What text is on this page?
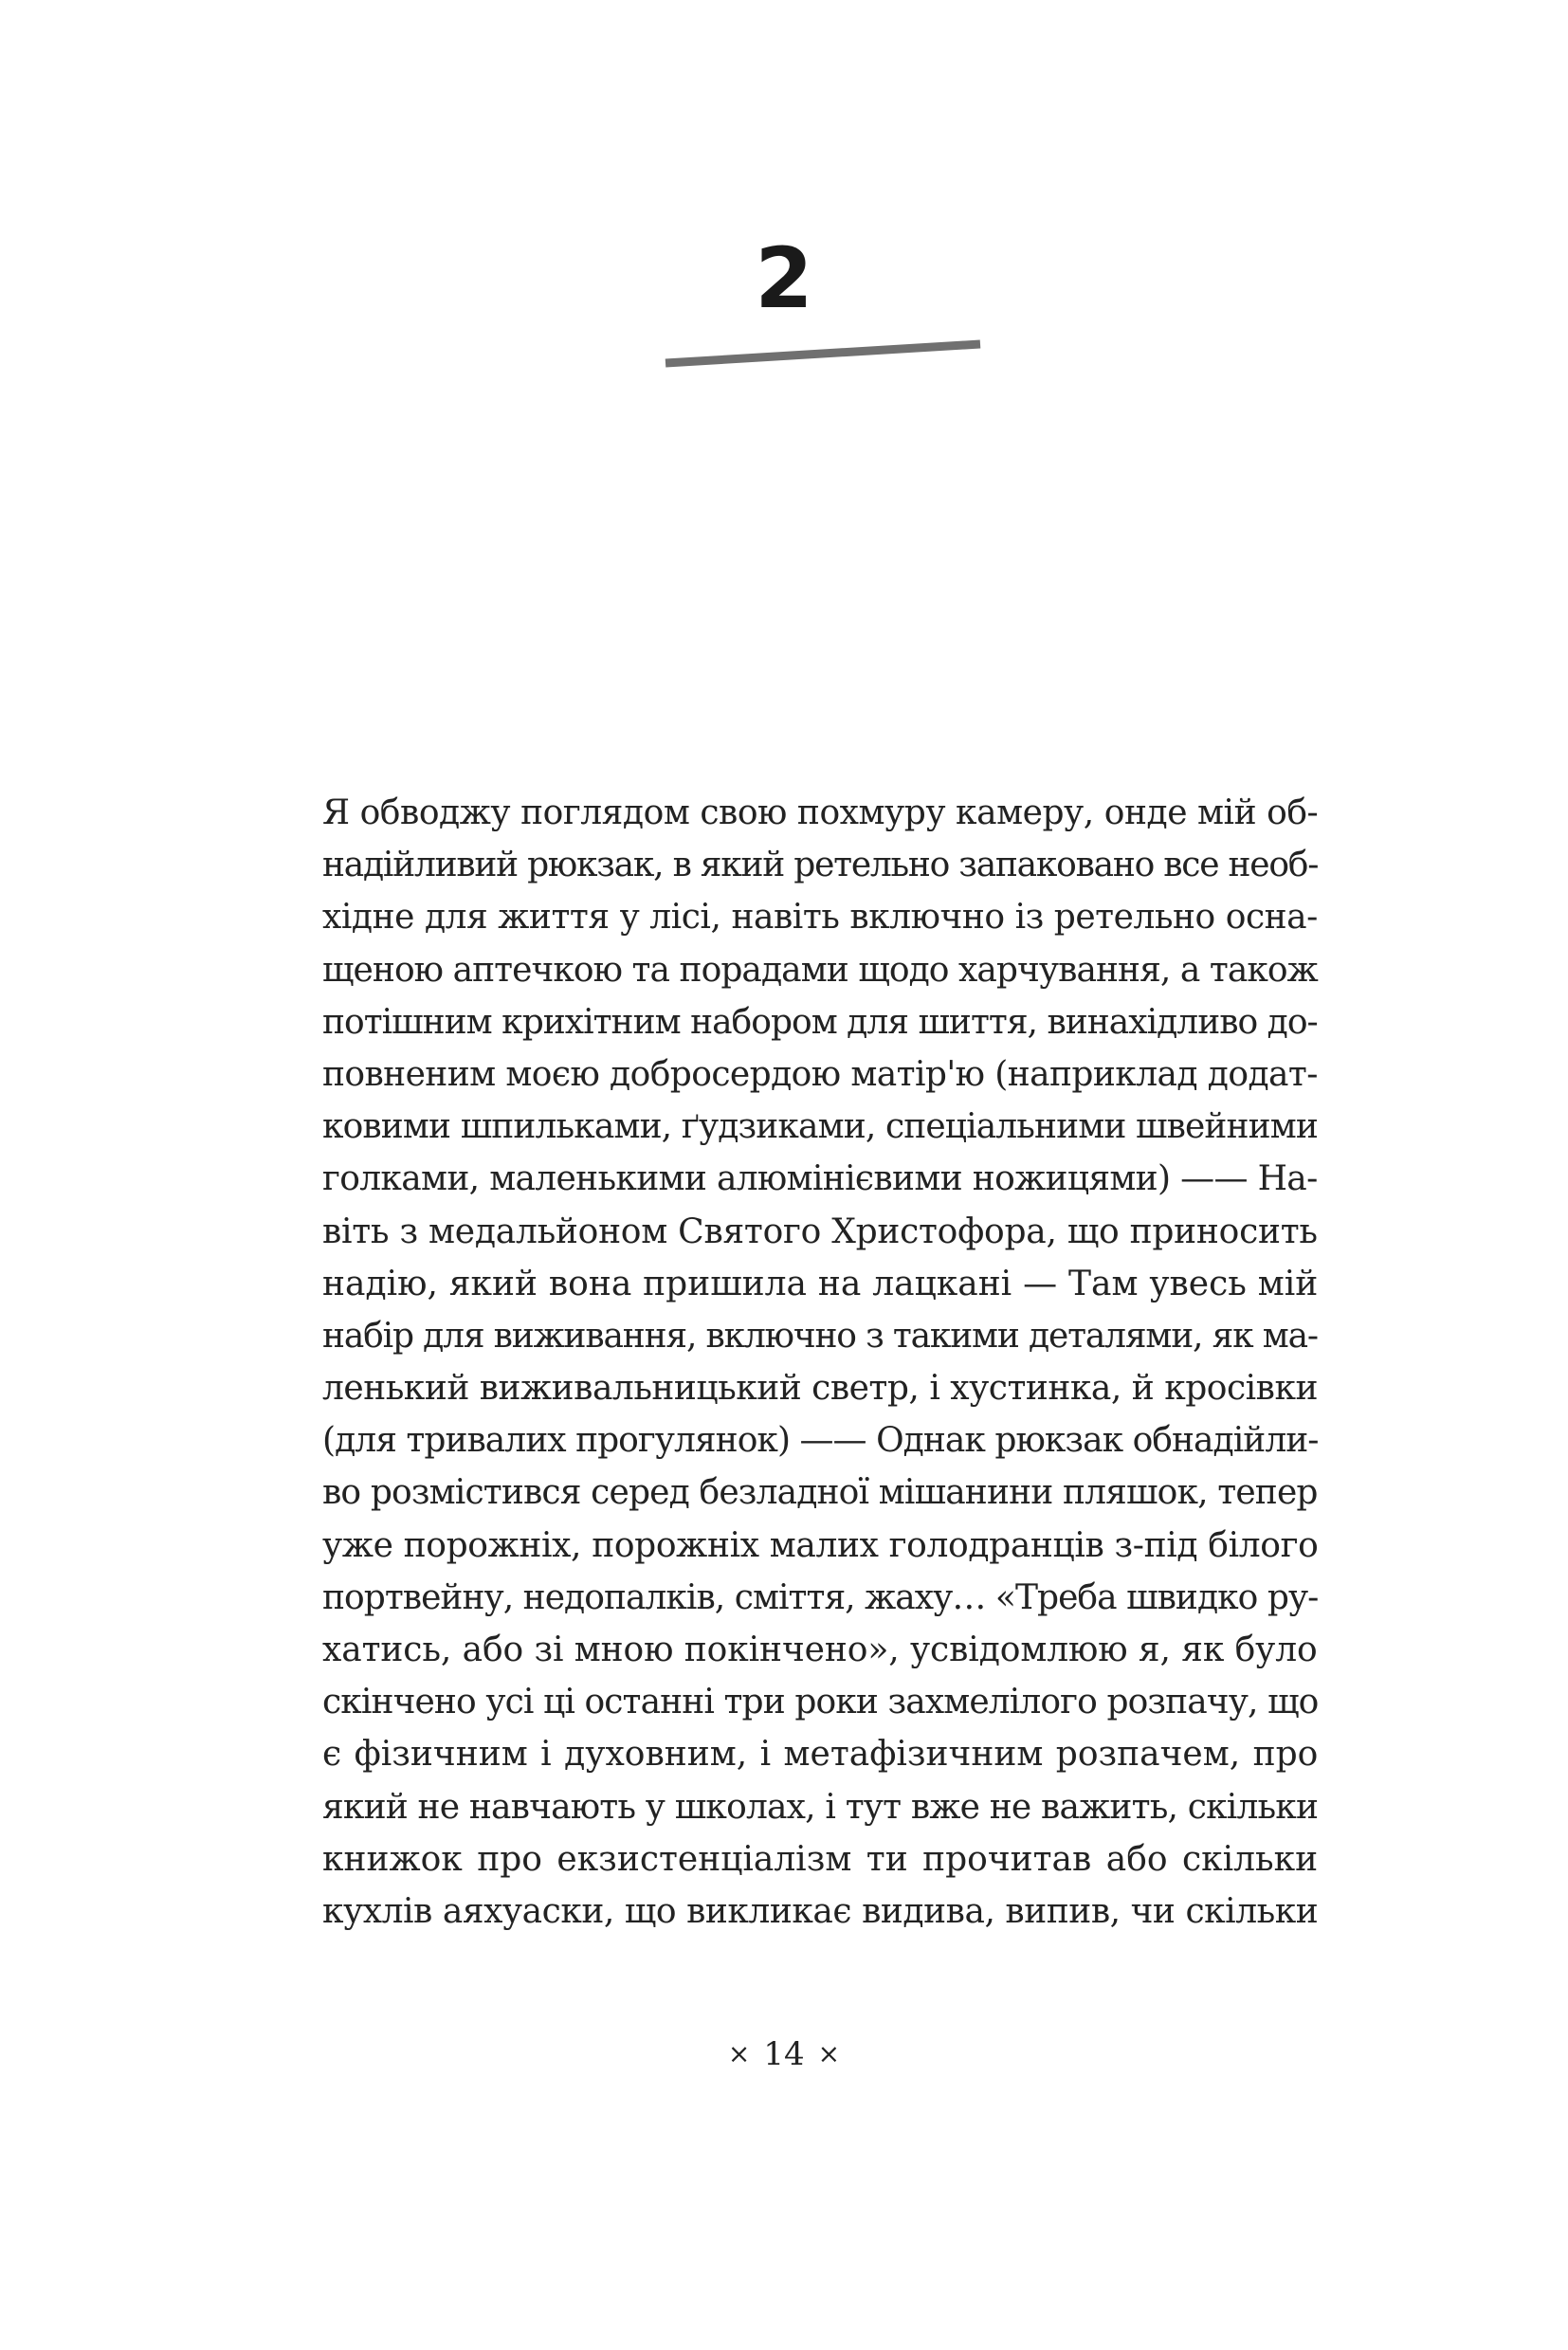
2
Я обводжу поглядом свою похмуру камеру, онде мій об-
надійливий рюкзак, в який ретельно запаковано все необ-
хідне для життя у лісі, навіть включно із ретельно осна-
щеною аптечкою та порадами щодо харчування, а також
потішним крихітним набором для шиття, винахідливо до-
повненим моєю добросердою матір'ю (наприклад додат-
ковими шпильками, ґудзиками, спеціальними швейними
голками, маленькими алюмінієвими ножицями) —— На-
віть з медальйоном Святого Христофора, що приносить
надію, який вона пришила на лацкані — Там увесь мій
набір для виживання, включно з такими деталями, як ма-
ленький виживальницький светр, і хустинка, й кросівки
(для тривалих прогулянок) —— Однак рюкзак обнадійли-
во розмістився серед безладної мішанини пляшок, тепер
уже порожніх, порожніх малих голодранців з-під білого
портвейну, недопалків, сміття, жаху… «Треба швидко ру-
хатись, або зі мною покінчено», усвідомлюю я, як було
скінчено усі ці останні три роки захмелілого розпачу, що
є фізичним і духовним, і метафізичним розпачем, про
який не навчають у школах, і тут вже не важить, скільки
книжок про екзистенціалізм ти прочитав або скільки
кухлів аяхуаски, що викликає видива, випив, чи скільки
× 14 ×
